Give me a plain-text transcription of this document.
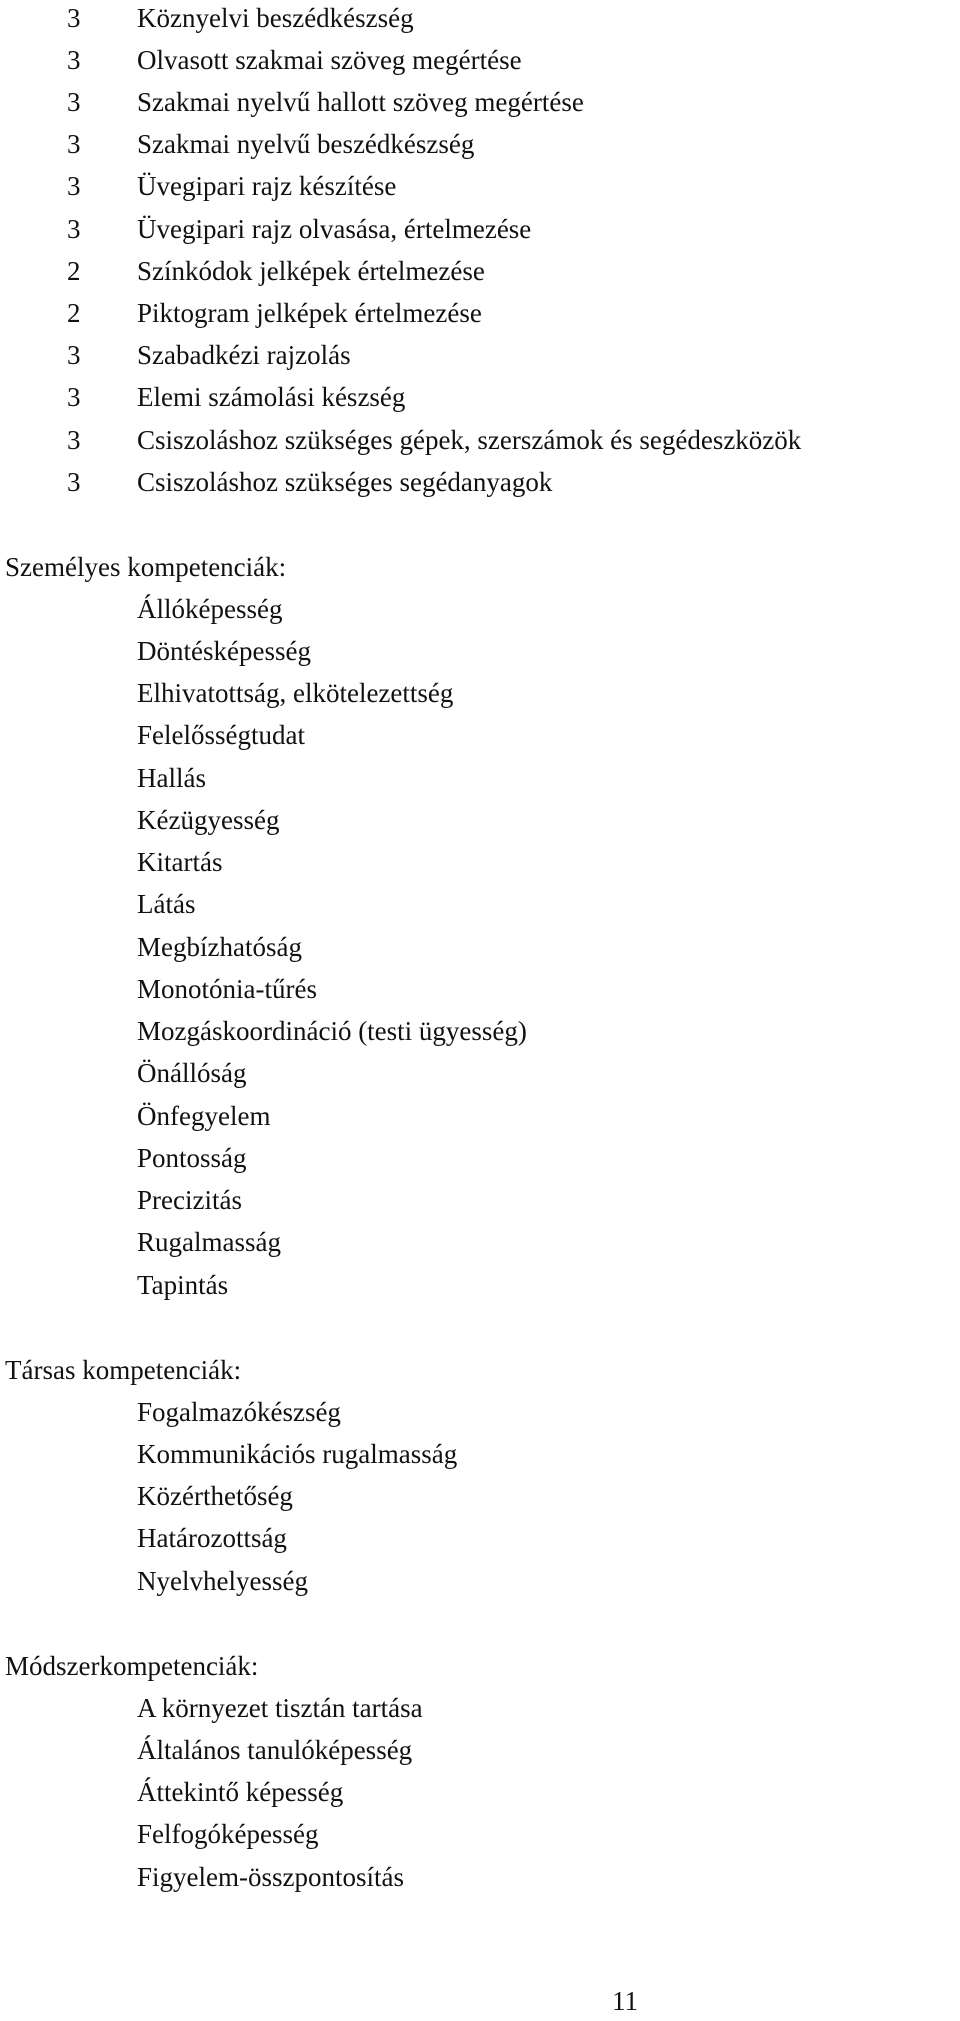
3 Köznyelvi beszédkészség
3 Olvasott szakmai szöveg megértése
3 Szakmai nyelvű hallott szöveg megértése
3 Szakmai nyelvű beszédkészség
3 Üvegipari rajz készítése
3 Üvegipari rajz olvasása, értelmezése
2 Színkódok jelképek értelmezése
2 Piktogram jelképek értelmezése
3 Szabadkézi rajzolás
3 Elemi számolási készség
3 Csiszoláshoz szükséges gépek, szerszámok és segédeszközök
3 Csiszoláshoz szükséges segédanyagok
Személyes kompetenciák:
Állóképesség
Döntésképesség
Elhivatottság, elkötelezettség
Felelősségtudat
Hallás
Kézügyesség
Kitartás
Látás
Megbízhatóság
Monotónia-tűrés
Mozgáskoordináció (testi ügyesség)
Önállóság
Önfegyelem
Pontosság
Precizitás
Rugalmasság
Tapintás
Társas kompetenciák:
Fogalmazókészség
Kommunikációs rugalmasság
Közérthetőség
Határozottság
Nyelvhelyesség
Módszerkompetenciák:
A környezet tisztán tartása
Általános tanulóképesség
Áttekintő képesség
Felfogóképesség
Figyelem-összpontosítás
11
